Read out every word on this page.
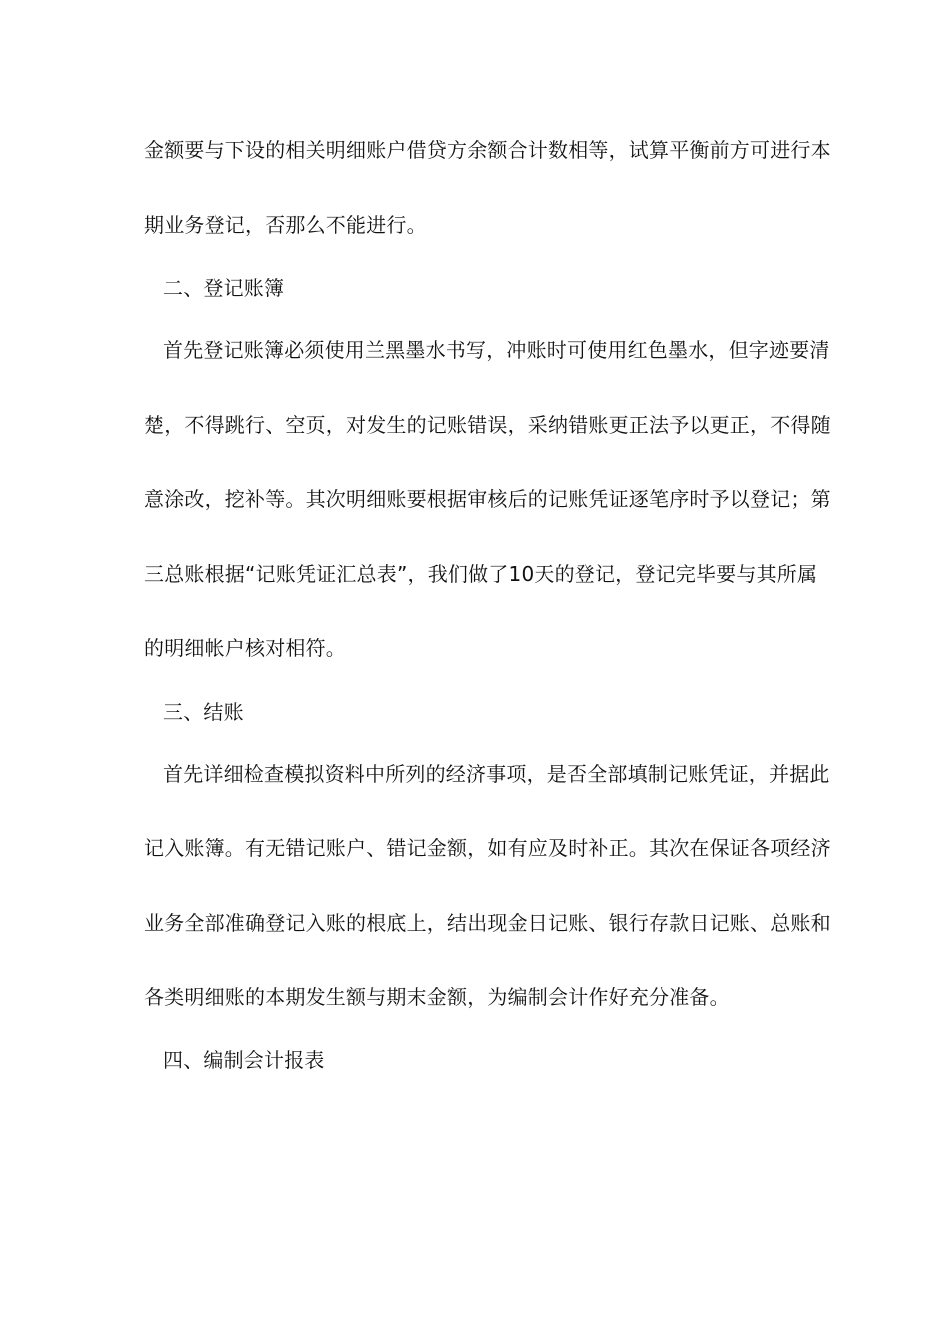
金额要与下设的相关明细账户借贷方余额合计数相等，试算平衡前方可进行本
期业务登记，否那么不能进行。
二、登记账簿
首先登记账簿必须使用兰黑墨水书写，冲账时可使用红色墨水，但字迹要清
楚，不得跳行、空页，对发生的记账错误，采纳错账更正法予以更正，不得随
意涂改，挖补等。其次明细账要根据审核后的记账凭证逐笔序时予以登记；第
三总账根据“记账凭证汇总表”，我们做了10天的登记，登记完毕要与其所属
的明细帐户核对相符。
三、结账
首先详细检查模拟资料中所列的经济事项，是否全部填制记账凭证，并据此
记入账簿。有无错记账户、错记金额，如有应及时补正。其次在保证各项经济
业务全部准确登记入账的根底上，结出现金日记账、银行存款日记账、总账和
各类明细账的本期发生额与期末金额，为编制会计作好充分准备。
四、编制会计报表
